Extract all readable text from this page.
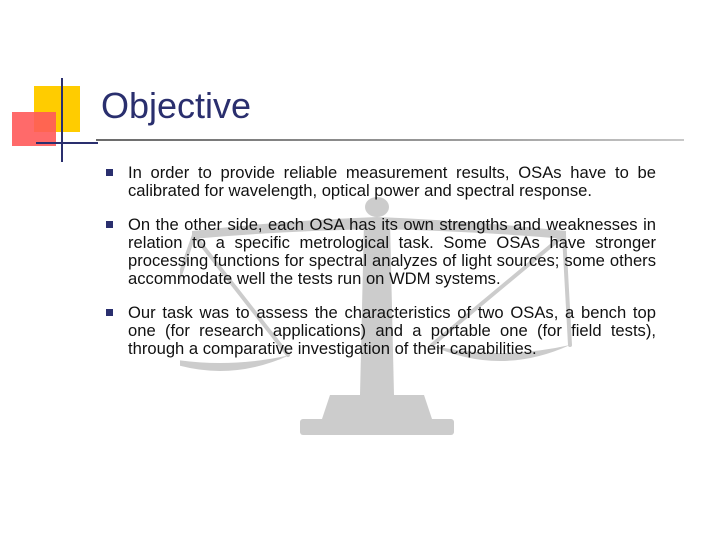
Objective

In order to provide reliable measurement results, OSAs have to be calibrated for wavelength, optical power and spectral response.

On the other side, each OSA has its own strengths and weaknesses in relation to a specific metrological task. Some OSAs have stronger processing functions for spectral analyzes of light sources; some others accommodate well the tests run on WDM systems.

Our task was to assess the characteristics of two OSAs, a bench top one (for research applications) and a portable one (for field tests), through a comparative investigation of their capabilities.
